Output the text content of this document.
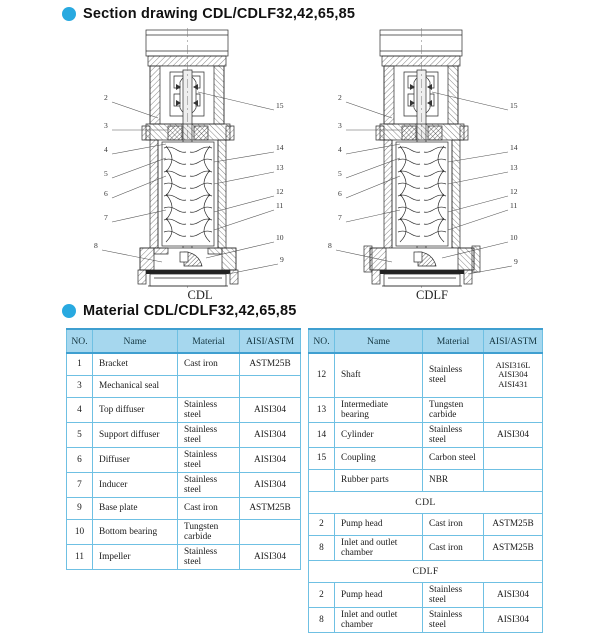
Section drawing CDL/CDLF32,42,65,85
2
3
4
5
6
7
8
15
14
13
12
11
10
9
CDL
2
3
4
5
6
7
8
15
14
13
12
11
10
9
CDLF
Material CDL/CDLF32,42,65,85
NO.	Name	Material	AISI/ASTM
1	Bracket	Cast iron	ASTM25B
3	Mechanical seal		
4	Top diffuser	Stainless steel	AISI304
5	Support diffuser	Stainless steel	AISI304
6	Diffuser	Stainless steel	AISI304
7	Inducer	Stainless steel	AISI304
9	Base plate	Cast iron	ASTM25B
10	Bottom bearing	Tungsten carbide	
11	Impeller	Stainless steel	AISI304
NO.	Name	Material	AISI/ASTM
12	Shaft	Stainless steel	AISI316L
AISI304
AISI431
13	Intermediate bearing	Tungsten carbide	
14	Cylinder	Stainless steel	AISI304
15	Coupling	Carbon steel	
	Rubber parts	NBR	
CDL			
2	Pump head	Cast iron	ASTM25B
8	Inlet and outlet chamber	Cast iron	ASTM25B
CDLF			
2	Pump head	Stainless steel	AISI304
8	Inlet and outlet chamber	Stainless steel	AISI304
